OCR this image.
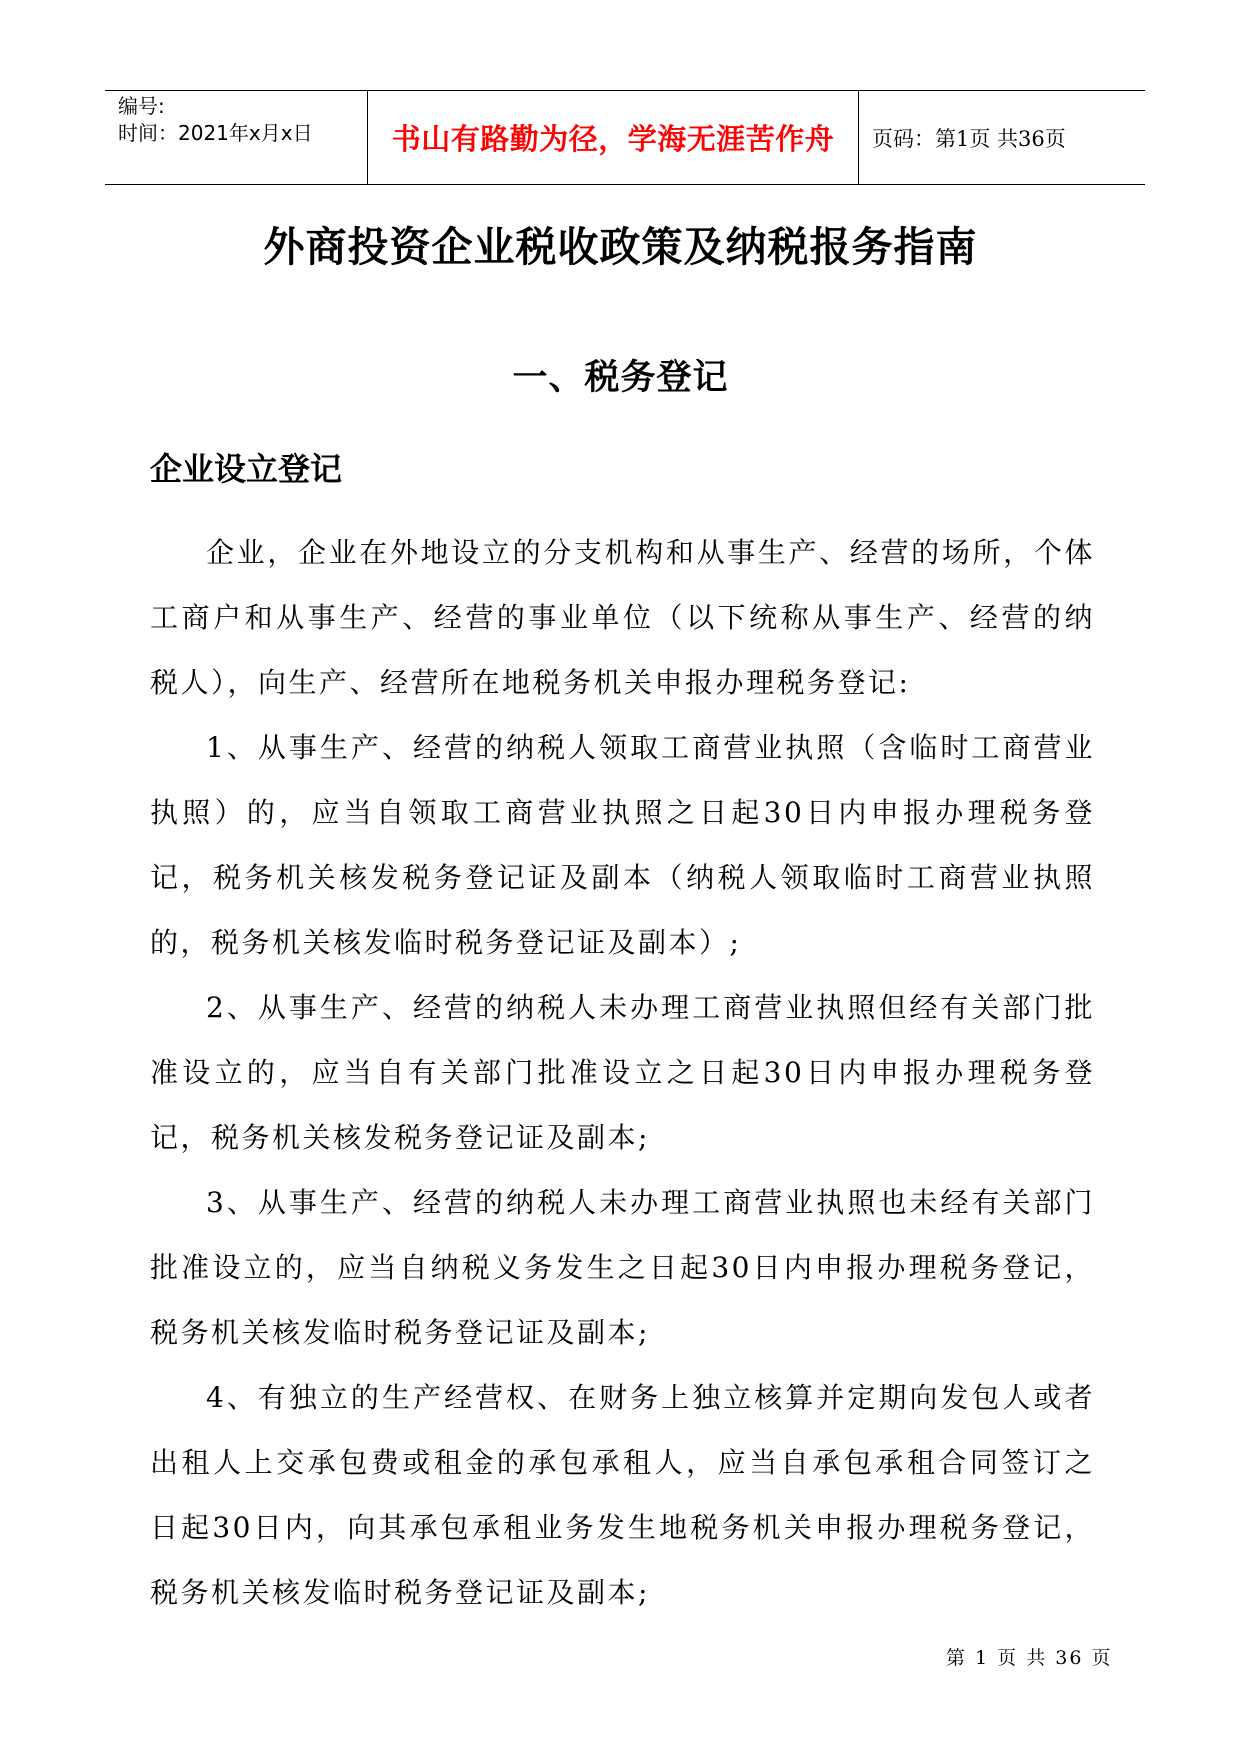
编号:
时间：2021年x月x日	书山有路勤为径，学海无涯苦作舟	页码：第1页 共36页
外商投资企业税收政策及纳税报务指南
一、税务登记
企业设立登记

企业，企业在外地设立的分支机构和从事生产、经营的场所，个体工商户和从事生产、经营的事业单位（以下统称从事生产、经营的纳税人），向生产、经营所在地税务机关申报办理税务登记:

1、从事生产、经营的纳税人领取工商营业执照（含临时工商营业执照）的，应当自领取工商营业执照之日起30日内申报办理税务登记，税务机关核发税务登记证及副本（纳税人领取临时工商营业执照的，税务机关核发临时税务登记证及副本）;

2、从事生产、经营的纳税人未办理工商营业执照但经有关部门批准设立的，应当自有关部门批准设立之日起30日内申报办理税务登记，税务机关核发税务登记证及副本;

3、从事生产、经营的纳税人未办理工商营业执照也未经有关部门批准设立的，应当自纳税义务发生之日起30日内申报办理税务登记，税务机关核发临时税务登记证及副本;

4、有独立的生产经营权、在财务上独立核算并定期向发包人或者出租人上交承包费或租金的承包承租人，应当自承包承租合同签订之日起30日内，向其承包承租业务发生地税务机关申报办理税务登记，税务机关核发临时税务登记证及副本;

第 1 页 共 36 页
